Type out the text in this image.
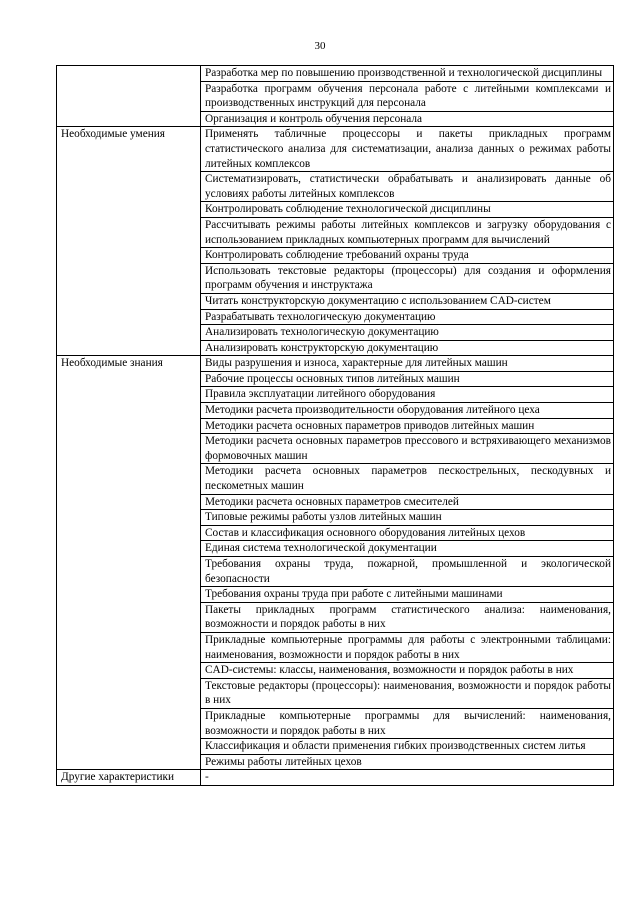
30
	Разработка мер по повышению производственной и технологической дисциплины
	Разработка программ обучения персонала работе с литейными комплексами и производственных инструкций для персонала
	Организация и контроль обучения персонала
Необходимые умения	Применять табличные процессоры и пакеты прикладных программ статистического анализа для систематизации, анализа данных о режимах работы литейных комплексов
	Систематизировать, статистически обрабатывать и анализировать данные об условиях работы литейных комплексов
	Контролировать соблюдение технологической дисциплины
	Рассчитывать режимы работы литейных комплексов и загрузку оборудования с использованием прикладных компьютерных программ для вычислений
	Контролировать соблюдение требований охраны труда
	Использовать текстовые редакторы (процессоры) для создания и оформления программ обучения и инструктажа
	Читать конструкторскую документацию с использованием CAD-систем
	Разрабатывать технологическую документацию
	Анализировать технологическую документацию
	Анализировать конструкторскую документацию
Необходимые знания	Виды разрушения и износа, характерные для литейных машин
	Рабочие процессы основных типов литейных машин
	Правила эксплуатации литейного оборудования
	Методики расчета производительности оборудования литейного цеха
	Методики расчета основных параметров приводов литейных машин
	Методики расчета основных параметров прессового и встряхивающего механизмов формовочных машин
	Методики расчета основных параметров пескострельных, пескодувных и пескометных машин
	Методики расчета основных параметров смесителей
	Типовые режимы работы узлов литейных машин
	Состав и классификация основного оборудования литейных цехов
	Единая система технологической документации
	Требования охраны труда, пожарной, промышленной и экологической безопасности
	Требования охраны труда при работе с литейными машинами
	Пакеты прикладных программ статистического анализа: наименования, возможности и порядок работы в них
	Прикладные компьютерные программы для работы с электронными таблицами: наименования, возможности и порядок работы в них
	CAD-системы: классы, наименования, возможности и порядок работы в них
	Текстовые редакторы (процессоры): наименования, возможности и порядок работы в них
	Прикладные компьютерные программы для вычислений: наименования, возможности и порядок работы в них
	Классификация и области применения гибких производственных систем литья
	Режимы работы литейных цехов
Другие характеристики	-
